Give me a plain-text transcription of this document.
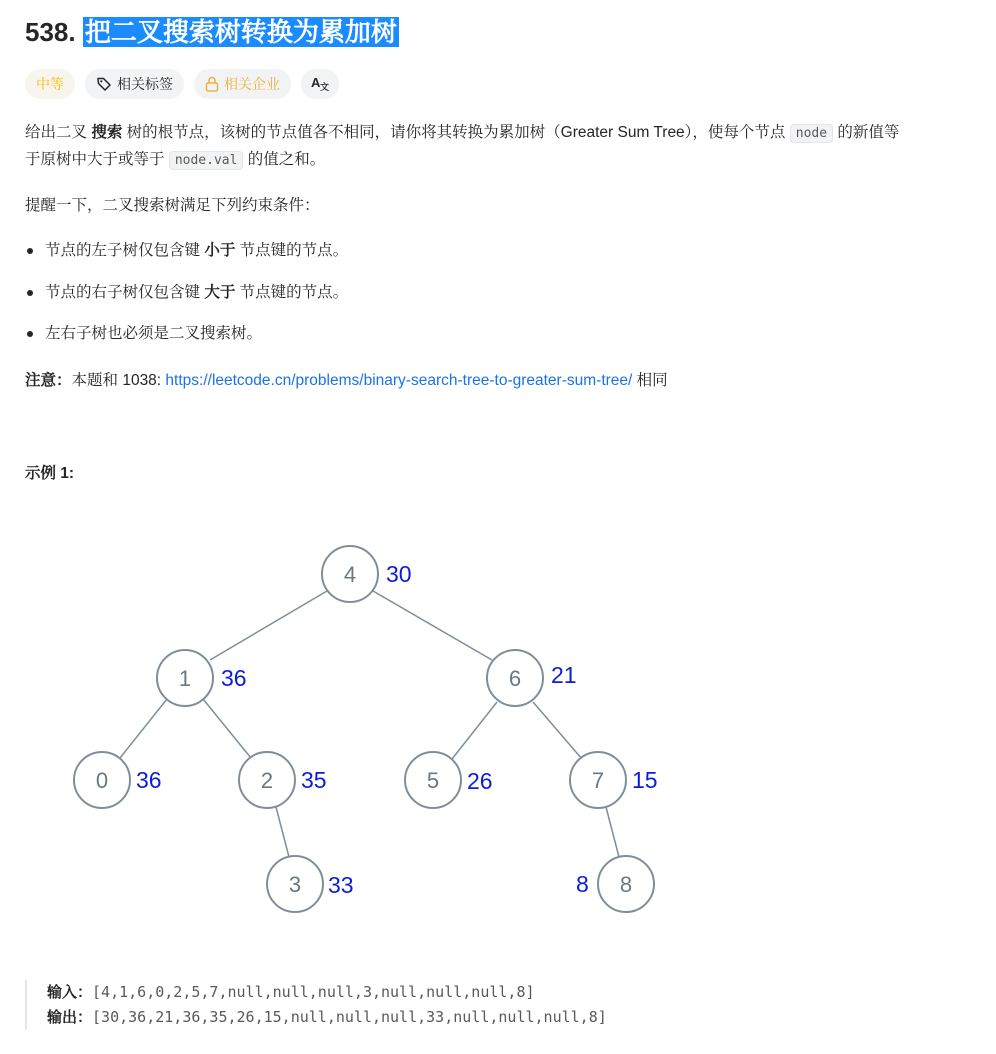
538. 把二叉搜索树转换为累加树
中等	相关标签	相关企业 A 文

给出二叉 搜索 树的根节点，该树的节点值各不相同，请你将其转换为累加树（Greater Sum Tree），使每个节点 node 的新值等
于原树中大于或等于 node.val 的值之和。

提醒一下，二叉搜索树满足下列约束条件：

节点的左子树仅包含键 小于 节点键的节点。
节点的右子树仅包含键 大于 节点键的节点。
左右子树也必须是二叉搜索树。

注意：本题和 1038: https://leetcode.cn/problems/binary-search-tree-to-greater-sum-tree/ 相同

示例 1:

4
1	6
0	2	5	7
3	8
30
36	21
36	35	26	15
33	8
输入：[4,1,6,0,2,5,7,null,null,null,3,null,null,null,8]
输出：[30,36,21,36,35,26,15,null,null,null,33,null,null,null,8]
